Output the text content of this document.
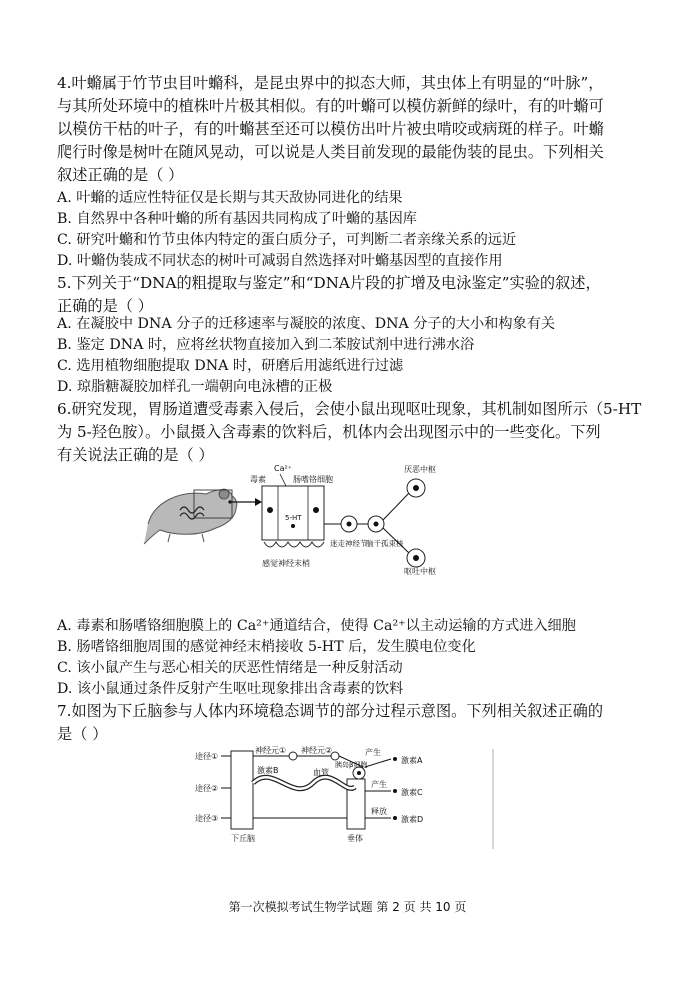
4.叶䗛属于竹节虫目叶䗛科，是昆虫界中的拟态大师，其虫体上有明显的“叶脉”，
与其所处环境中的植株叶片极其相似。有的叶䗛可以模仿新鲜的绿叶，有的叶䗛可
以模仿干枯的叶子，有的叶䗛甚至还可以模仿出叶片被虫啃咬或病斑的样子。叶䗛
爬行时像是树叶在随风晃动，可以说是人类目前发现的最能伪装的昆虫。下列相关
叙述正确的是（ ）
A. 叶䗛的适应性特征仅是长期与其天敌协同进化的结果
B. 自然界中各种叶䗛的所有基因共同构成了叶䗛的基因库
C. 研究叶䗛和竹节虫体内特定的蛋白质分子，可判断二者亲缘关系的远近
D. 叶䗛伪装成不同状态的树叶可减弱自然选择对叶䗛基因型的直接作用
5.下列关于“DNA的粗提取与鉴定”和“DNA片段的扩增及电泳鉴定”实验的叙述，
正确的是（ ）
A. 在凝胶中 DNA 分子的迁移速率与凝胶的浓度、DNA 分子的大小和构象有关
B. 鉴定 DNA 时，应将丝状物直接加入到二苯胺试剂中进行沸水浴
C. 选用植物细胞提取 DNA 时，研磨后用滤纸进行过滤
D. 琼脂糖凝胶加样孔一端朝向电泳槽的正极
6.研究发现，胃肠道遭受毒素入侵后，会使小鼠出现呕吐现象，其机制如图所示（5-HT
为 5-羟色胺）。小鼠摄入含毒素的饮料后，机体内会出现图示中的一些变化。下列
有关说法正确的是（ ）
Ca²⁺
毒素	肠嗜铬细胞
5-HT
感觉神经末梢
厌恶中枢
呕吐中枢
迷走神经节
脑干孤束核
A. 毒素和肠嗜铬细胞膜上的 Ca²⁺通道结合，使得 Ca²⁺以主动运输的方式进入细胞
B. 肠嗜铬细胞周围的感觉神经末梢接收 5-HT 后，发生膜电位变化
C. 该小鼠产生与恶心相关的厌恶性情绪是一种反射活动
D. 该小鼠通过条件反射产生呕吐现象排出含毒素的饮料
7.如图为下丘脑参与人体内环境稳态调节的部分过程示意图。下列相关叙述正确的
是（ ）
途径①
途径②
途径③
神经元① 神经元②
胰岛β细胞
产生
激素A
激素B	血管
产生
激素C
释放
激素D
下丘脑	垂体
第一次模拟考试生物学试题 第 2 页 共 10 页
